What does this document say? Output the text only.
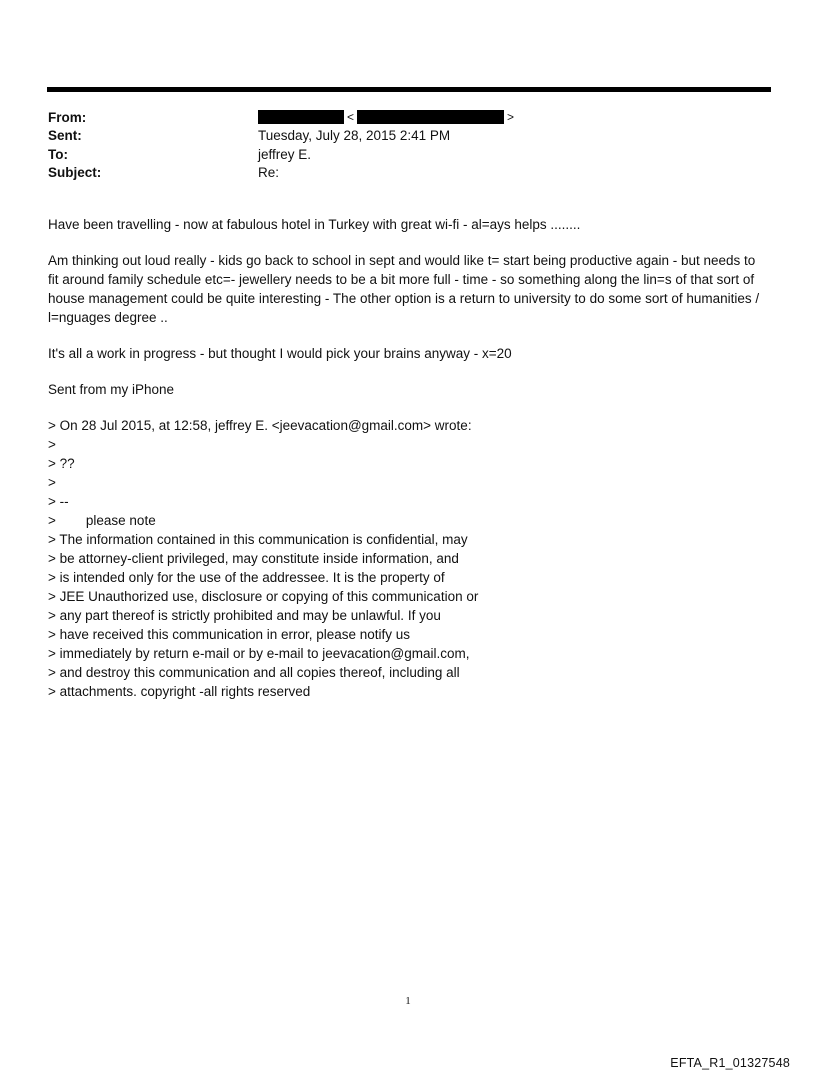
From:	<	>
Sent:	Tuesday, July 28, 2015 2:41 PM
To:	jeffrey E.
Subject:	Re:

Have been travelling - now at fabulous hotel in Turkey with great wi-fi - al=ays helps ........

Am thinking out loud really - kids go back to school in sept and would like t= start being productive again - but needs to fit around family schedule etc=- jewellery needs to be a bit more full - time - so something along the lin=s of that sort of house management could be quite interesting - The other option is a return to university to do some sort of humanities / l=nguages degree ..

It's all a work in progress - but thought I would pick your brains anyway - x=20

Sent from my iPhone

> On 28 Jul 2015, at 12:58, jeffrey E. <jeevacation@gmail.com> wrote:
>
> ??
>
> --
>        please note
> The information contained in this communication is confidential, may
> be attorney-client privileged, may constitute inside information, and
> is intended only for the use of the addressee. It is the property of
> JEE Unauthorized use, disclosure or copying of this communication or
> any part thereof is strictly prohibited and may be unlawful. If you
> have received this communication in error, please notify us
> immediately by return e-mail or by e-mail to jeevacation@gmail.com,
> and destroy this communication and all copies thereof, including all
> attachments. copyright -all rights reserved
1
EFTA_R1_01327548
